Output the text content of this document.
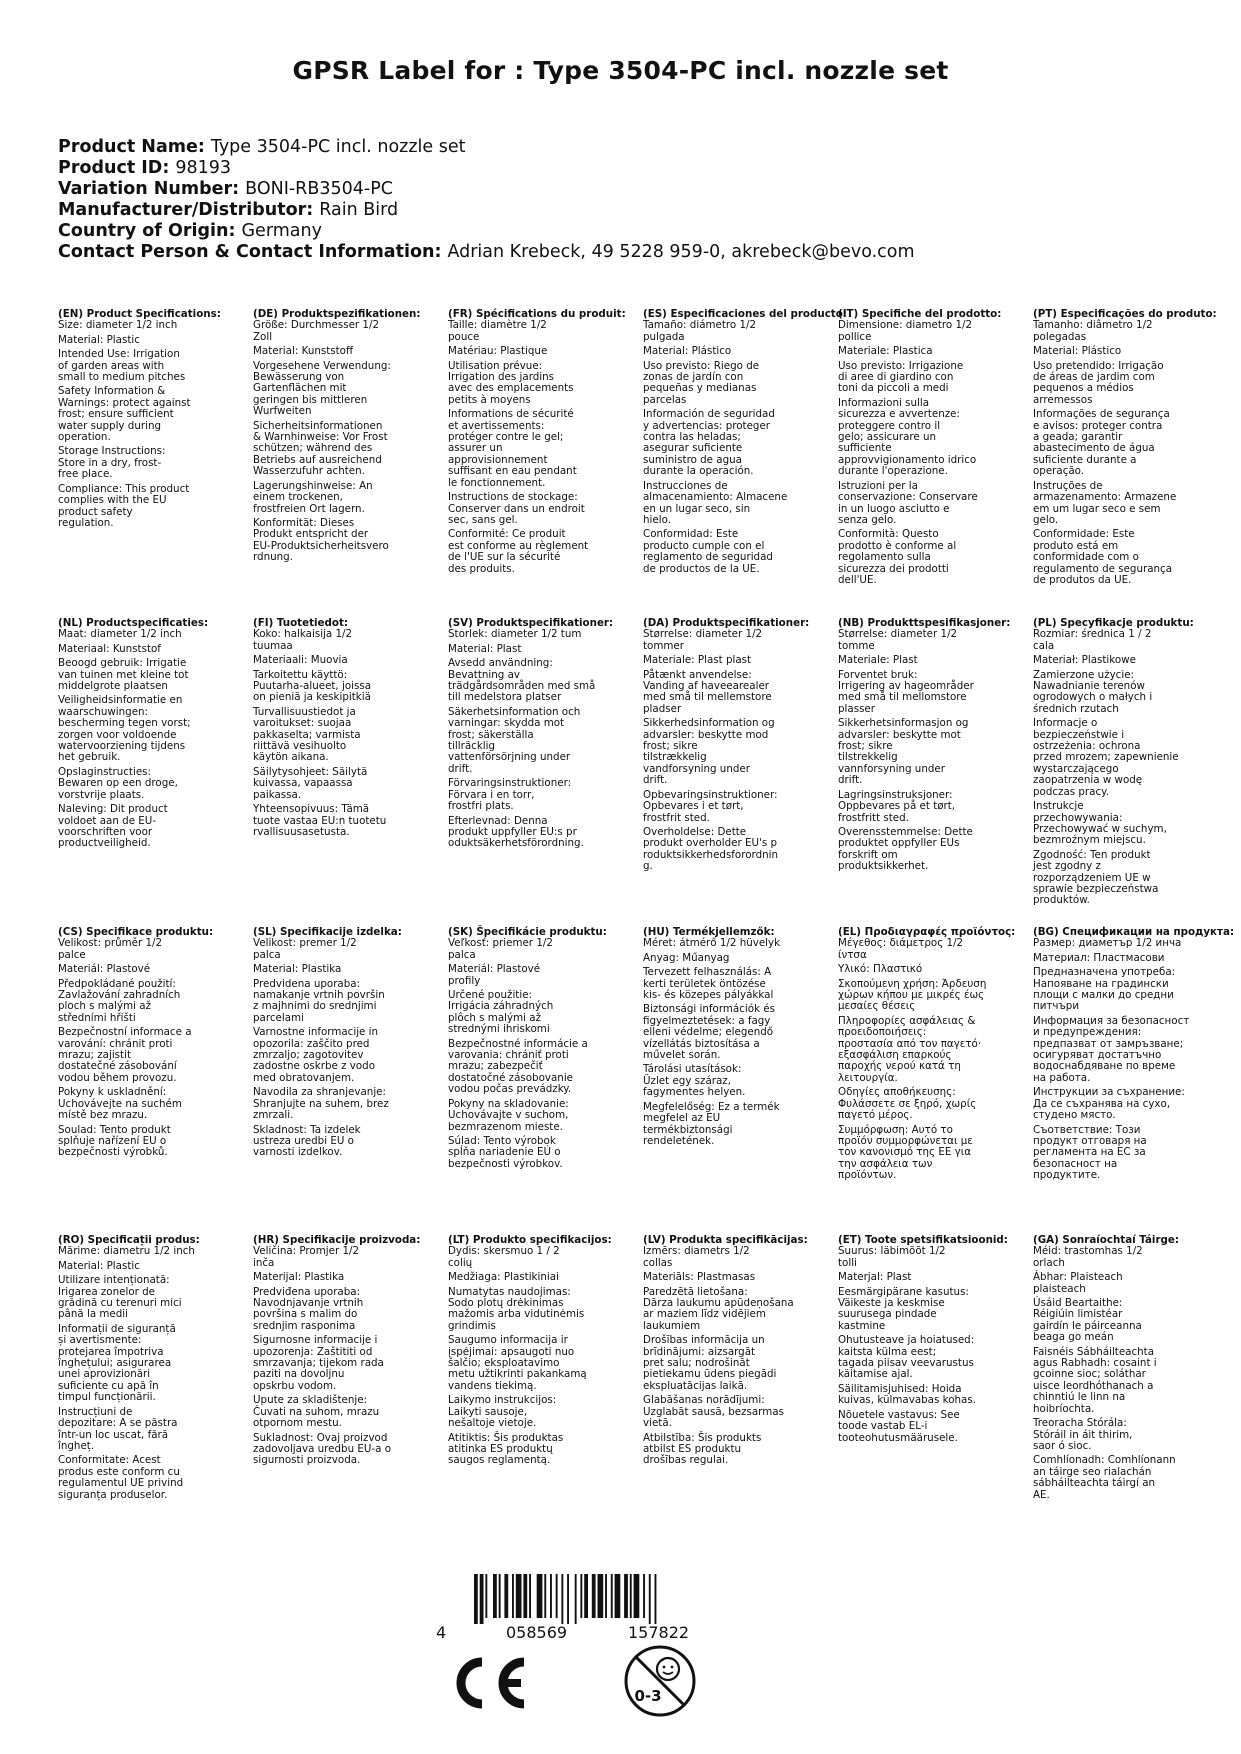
GPSR Label for : Type 3504-PC incl. nozzle set
Product Name: Type 3504-PC incl. nozzle set
Product ID: 98193
Variation Number: BONI-RB3504-PC
Manufacturer/Distributor: Rain Bird
Country of Origin: Germany
Contact Person & Contact Information: Adrian Krebeck, 49 5228 959-0, akrebeck@bevo.com
(EN) Product Specifications:
Size: diameter 1/2 inch
Material: Plastic
Intended Use: Irrigation
of garden areas with
small to medium pitches
Safety Information &
Warnings: protect against
frost; ensure sufficient
water supply during
operation.
Storage Instructions:
Store in a dry, frost-
free place.
Compliance: This product
complies with the EU
product safety
regulation.
(DE) Produktspezifikationen:
Größe: Durchmesser 1/2
Zoll
Material: Kunststoff
Vorgesehene Verwendung:
Bewässerung von
Gartenflächen mit
geringen bis mittleren
Wurfweiten
Sicherheitsinformationen
& Warnhinweise: Vor Frost
schützen; während des
Betriebs auf ausreichend
Wasserzufuhr achten.
Lagerungshinweise: An
einem trockenen,
frostfreien Ort lagern.
Konformität: Dieses
Produkt entspricht der
EU-Produktsicherheitsvero
rdnung.
(FR) Spécifications du produit:
Taille: diamètre 1/2
pouce
Matériau: Plastique
Utilisation prévue:
Irrigation des jardins
avec des emplacements
petits à moyens
Informations de sécurité
et avertissements:
protéger contre le gel;
assurer un
approvisionnement
suffisant en eau pendant
le fonctionnement.
Instructions de stockage:
Conserver dans un endroit
sec, sans gel.
Conformité: Ce produit
est conforme au règlement
de l'UE sur la sécurité
des produits.
(ES) Especificaciones del producto:
Tamaño: diámetro 1/2
pulgada
Material: Plástico
Uso previsto: Riego de
zonas de jardín con
pequeñas y medianas
parcelas
Información de seguridad
y advertencias: proteger
contra las heladas;
asegurar suficiente
suministro de agua
durante la operación.
Instrucciones de
almacenamiento: Almacene
en un lugar seco, sin
hielo.
Conformidad: Este
producto cumple con el
reglamento de seguridad
de productos de la UE.
(IT) Specifiche del prodotto:
Dimensione: diametro 1/2
pollice
Materiale: Plastica
Uso previsto: Irrigazione
di aree di giardino con
toni da piccoli a medi
Informazioni sulla
sicurezza e avvertenze:
proteggere contro il
gelo; assicurare un
sufficiente
approvvigionamento idrico
durante l'operazione.
Istruzioni per la
conservazione: Conservare
in un luogo asciutto e
senza gelo.
Conformità: Questo
prodotto è conforme al
regolamento sulla
sicurezza dei prodotti
dell'UE.
(PT) Especificações do produto:
Tamanho: diâmetro 1/2
polegadas
Material: Plástico
Uso pretendido: Irrigação
de áreas de jardim com
pequenos a médios
arremessos
Informações de segurança
e avisos: proteger contra
a geada; garantir
abastecimento de água
suficiente durante a
operação.
Instruções de
armazenamento: Armazene
em um lugar seco e sem
gelo.
Conformidade: Este
produto está em
conformidade com o
regulamento de segurança
de produtos da UE.
(NL) Productspecificaties:
Maat: diameter 1/2 inch
Materiaal: Kunststof
Beoogd gebruik: Irrigatie
van tuinen met kleine tot
middelgrote plaatsen
Veiligheidsinformatie en
waarschuwingen:
bescherming tegen vorst;
zorgen voor voldoende
watervoorziening tijdens
het gebruik.
Opslaginstructies:
Bewaren op een droge,
vorstvrije plaats.
Naleving: Dit product
voldoet aan de EU-
voorschriften voor
productveiligheid.
(FI) Tuotetiedot:
Koko: halkaisija 1/2
tuumaa
Materiaali: Muovia
Tarkoitettu käyttö:
Puutarha-alueet, joissa
on pieniä ja keskipitkiä
Turvallisuustiedot ja
varoitukset: suojaa
pakkaselta; varmista
riittävä vesihuolto
käytön aikana.
Säilytysohjeet: Säilytä
kuivassa, vapaassa
paikassa.
Yhteensopivuus: Tämä
tuote vastaa EU:n tuotetu
rvallisuusasetusta.
(SV) Produktspecifikationer:
Storlek: diameter 1/2 tum
Material: Plast
Avsedd användning:
Bevattning av
trädgårdsområden med små
till medelstora platser
Säkerhetsinformation och
varningar: skydda mot
frost; säkerställa
tillräcklig
vattenförsörjning under
drift.
Förvaringsinstruktioner:
Förvara i en torr,
frostfri plats.
Efterlevnad: Denna
produkt uppfyller EU:s pr
oduktsäkerhetsförordning.
(DA) Produktspecifikationer:
Størrelse: diameter 1/2
tommer
Materiale: Plast plast
Påtænkt anvendelse:
Vanding af haveearealer
med små til mellemstore
pladser
Sikkerhedsinformation og
advarsler: beskytte mod
frost; sikre
tilstrækkelig
vandforsyning under
drift.
Opbevaringsinstruktioner:
Opbevares i et tørt,
frostfrit sted.
Overholdelse: Dette
produkt overholder EU's p
roduktsikkerhedsforordnin
g.
(NB) Produkttspesifikasjoner:
Størrelse: diameter 1/2
tomme
Materiale: Plast
Forventet bruk:
Irrigering av hageområder
med små til mellomstore
plasser
Sikkerhetsinformasjon og
advarsler: beskytte mot
frost; sikre
tilstrekkelig
vannforsyning under
drift.
Lagringsinstruksjoner:
Oppbevares på et tørt,
frostfritt sted.
Overensstemmelse: Dette
produktet oppfyller EUs
forskrift om
produktsikkerhet.
(PL) Specyfikacje produktu:
Rozmiar: średnica 1 / 2
cala
Materiał: Plastikowe
Zamierzone użycie:
Nawadnianie terenów
ogrodowych o małych i
średnich rzutach
Informacje o
bezpieczeństwie i
ostrzeżenia: ochrona
przed mrozem; zapewnienie
wystarczającego
zaopatrzenia w wodę
podczas pracy.
Instrukcje
przechowywania:
Przechowywać w suchym,
bezmroźnym miejscu.
Zgodność: Ten produkt
jest zgodny z
rozporządzeniem UE w
sprawie bezpieczeństwa
produktów.
(CS) Specifikace produktu:
Velikost: průměr 1/2
palce
Materiál: Plastové
Předpokládané použití:
Zavlažování zahradních
ploch s malými až
středními hřišti
Bezpečnostní informace a
varování: chránit proti
mrazu; zajistit
dostatečné zásobování
vodou během provozu.
Pokyny k uskladnění:
Uchovávejte na suchém
místě bez mrazu.
Soulad: Tento produkt
splňuje nařízení EU o
bezpečnosti výrobků.
(SL) Specifikacije izdelka:
Velikost: premer 1/2
palca
Material: Plastika
Predvidena uporaba:
namakanje vrtnih površin
z majhnimi do srednjimi
parcelami
Varnostne informacije in
opozorila: zaščito pred
zmrzaljo; zagotovitev
zadostne oskrbe z vodo
med obratovanjem.
Navodila za shranjevanje:
Shranjujte na suhem, brez
zmrzali.
Skladnost: Ta izdelek
ustreza uredbi EU o
varnosti izdelkov.
(SK) Špecifikácie produktu:
Veľkosť: priemer 1/2
palca
Materiál: Plastové
profily
Určené použitie:
Irrigácia záhradných
plôch s malými až
strednými ihriskomi
Bezpečnostné informácie a
varovania: chrániť proti
mrazu; zabezpečiť
dostatočné zásobovanie
vodou počas prevádzky.
Pokyny na skladovanie:
Uchovávajte v suchom,
bezmrazenom mieste.
Súlad: Tento výrobok
spĺňa nariadenie EÚ o
bezpečnosti výrobkov.
(HU) Termékjellemzők:
Méret: átmérő 1/2 hüvelyk
Anyag: Műanyag
Tervezett felhasználás: A
kerti területek öntözése
kis- és közepes pályákkal
Biztonsági információk és
figyelmeztetések: a fagy
elleni védelme; elegendő
vízellátás biztosítása a
művelet során.
Tárolási utasítások:
Üzlet egy száraz,
fagymentes helyen.
Megfelelőség: Ez a termék
megfelel az EU
termékbiztonsági
rendeletének.
(EL) Προδιαγραφές προϊόντος:
Μέγεθος: διάμετρος 1/2
ίντσα
Υλικό: Πλαστικό
Σκοπούμενη χρήση: Άρδευση
χώρων κήπου με μικρές έως
μεσαίες θέσεις
Πληροφορίες ασφάλειας &
προειδοποιήσεις:
προστασία από τον παγετό·
εξασφάλιση επαρκούς
παροχής νερού κατά τη
λειτουργία.
Οδηγίες αποθήκευσης:
Φυλάσσετε σε ξηρό, χωρίς
παγετό μέρος.
Συμμόρφωση: Αυτό το
προϊόν συμμορφώνεται με
τον κανονισμό της ΕΕ για
την ασφάλεια των
προϊόντων.
(BG) Спецификации на продукта:
Размер: диаметър 1/2 инча
Материал: Пластмасови
Предназначена употреба:
Напояване на градински
площи с малки до средни
питчъри
Информация за безопасност
и предупреждения:
предпазват от замръзване;
осигуряват достатъчно
водоснабдяване по време
на работа.
Инструкции за съхранение:
Да се съхранява на сухо,
студено място.
Съответствие: Този
продукт отговаря на
регламента на ЕС за
безопасност на
продуктите.
(RO) Specificații produs:
Mărime: diametru 1/2 inch
Material: Plastic
Utilizare intenționată:
Irigarea zonelor de
grădină cu terenuri mici
până la medii
Informații de siguranță
și avertismente:
protejarea împotriva
înghețului; asigurarea
unei aprovizionări
suficiente cu apă în
timpul funcționării.
Instrucțiuni de
depozitare: A se păstra
într-un loc uscat, fără
îngheț.
Conformitate: Acest
produs este conform cu
regulamentul UE privind
siguranța produselor.
(HR) Specifikacije proizvoda:
Veličina: Promjer 1/2
inča
Materijal: Plastika
Predviđena uporaba:
Navodnjavanje vrtnih
površina s malim do
srednjim rasponima
Sigurnosne informacije i
upozorenja: Zaštititi od
smrzavanja; tijekom rada
paziti na dovoljnu
opskrbu vodom.
Upute za skladištenje:
Čuvati na suhom, mrazu
otpornom mestu.
Sukladnost: Ovaj proizvod
zadovoljava uredbu EU-a o
sigurnosti proizvoda.
(LT) Produkto specifikacijos:
Dydis: skersmuo 1 / 2
colių
Medžiaga: Plastikiniai
Numatytas naudojimas:
Sodo plotų drėkinimas
mažomis arba vidutinėmis
grindimis
Saugumo informacija ir
įspėjimai: apsaugoti nuo
šalčio; eksploatavimo
metu užtikrinti pakankamą
vandens tiekimą.
Laikymo instrukcijos:
Laikyti sausoje,
nešaltoje vietoje.
Atitiktis: Šis produktas
atitinka ES produktų
saugos reglamentą.
(LV) Produkta specifikācijas:
Izmērs: diametrs 1/2
collas
Materiāls: Plastmasas
Paredzētā lietošana:
Dārza laukumu apūdeņošana
ar maziem līdz vidējiem
laukumiem
Drošības informācija un
brīdinājumi: aizsargāt
pret salu; nodrošināt
pietiekamu ūdens piegādi
ekspluatācijas laikā.
Glabāšanas norādījumi:
Uzglabāt sausā, bezsarmas
vietā.
Atbilstība: Šis produkts
atbilst ES produktu
drošības regulai.
(ET) Toote spetsifikatsioonid:
Suurus: läbimõõt 1/2
tolli
Materjal: Plast
Eesmärgipärane kasutus:
Väikeste ja keskmise
suurusega pindade
kastmine
Ohutusteave ja hoiatused:
kaitsta külma eest;
tagada piisav veevarustus
käitamise ajal.
Säilitamisjuhised: Hoida
kuivas, külmavabas kohas.
Nõuetele vastavus: See
toode vastab EL-i
tooteohutusmäärusele.
(GA) Sonraíochtaí Táirge:
Méid: trastomhas 1/2
orlach
Ábhar: Plaisteach
plaisteach
Úsáid Beartaithe:
Réigiúin limistéar
gairdín le páirceanna
beaga go meán
Faisnéis Sábháilteachta
agus Rabhadh: cosaint i
gcoinne sioc; soláthar
uisce leordhóthanach a
chinntiú le linn na
hoibríochta.
Treoracha Stórála:
Stóráil in áit thirim,
saor ó sioc.
Comhlíonadh: Comhlíonann
an táirge seo rialachán
sábháilteachta táirgí an
AE.
4	058569	157822
0-3
